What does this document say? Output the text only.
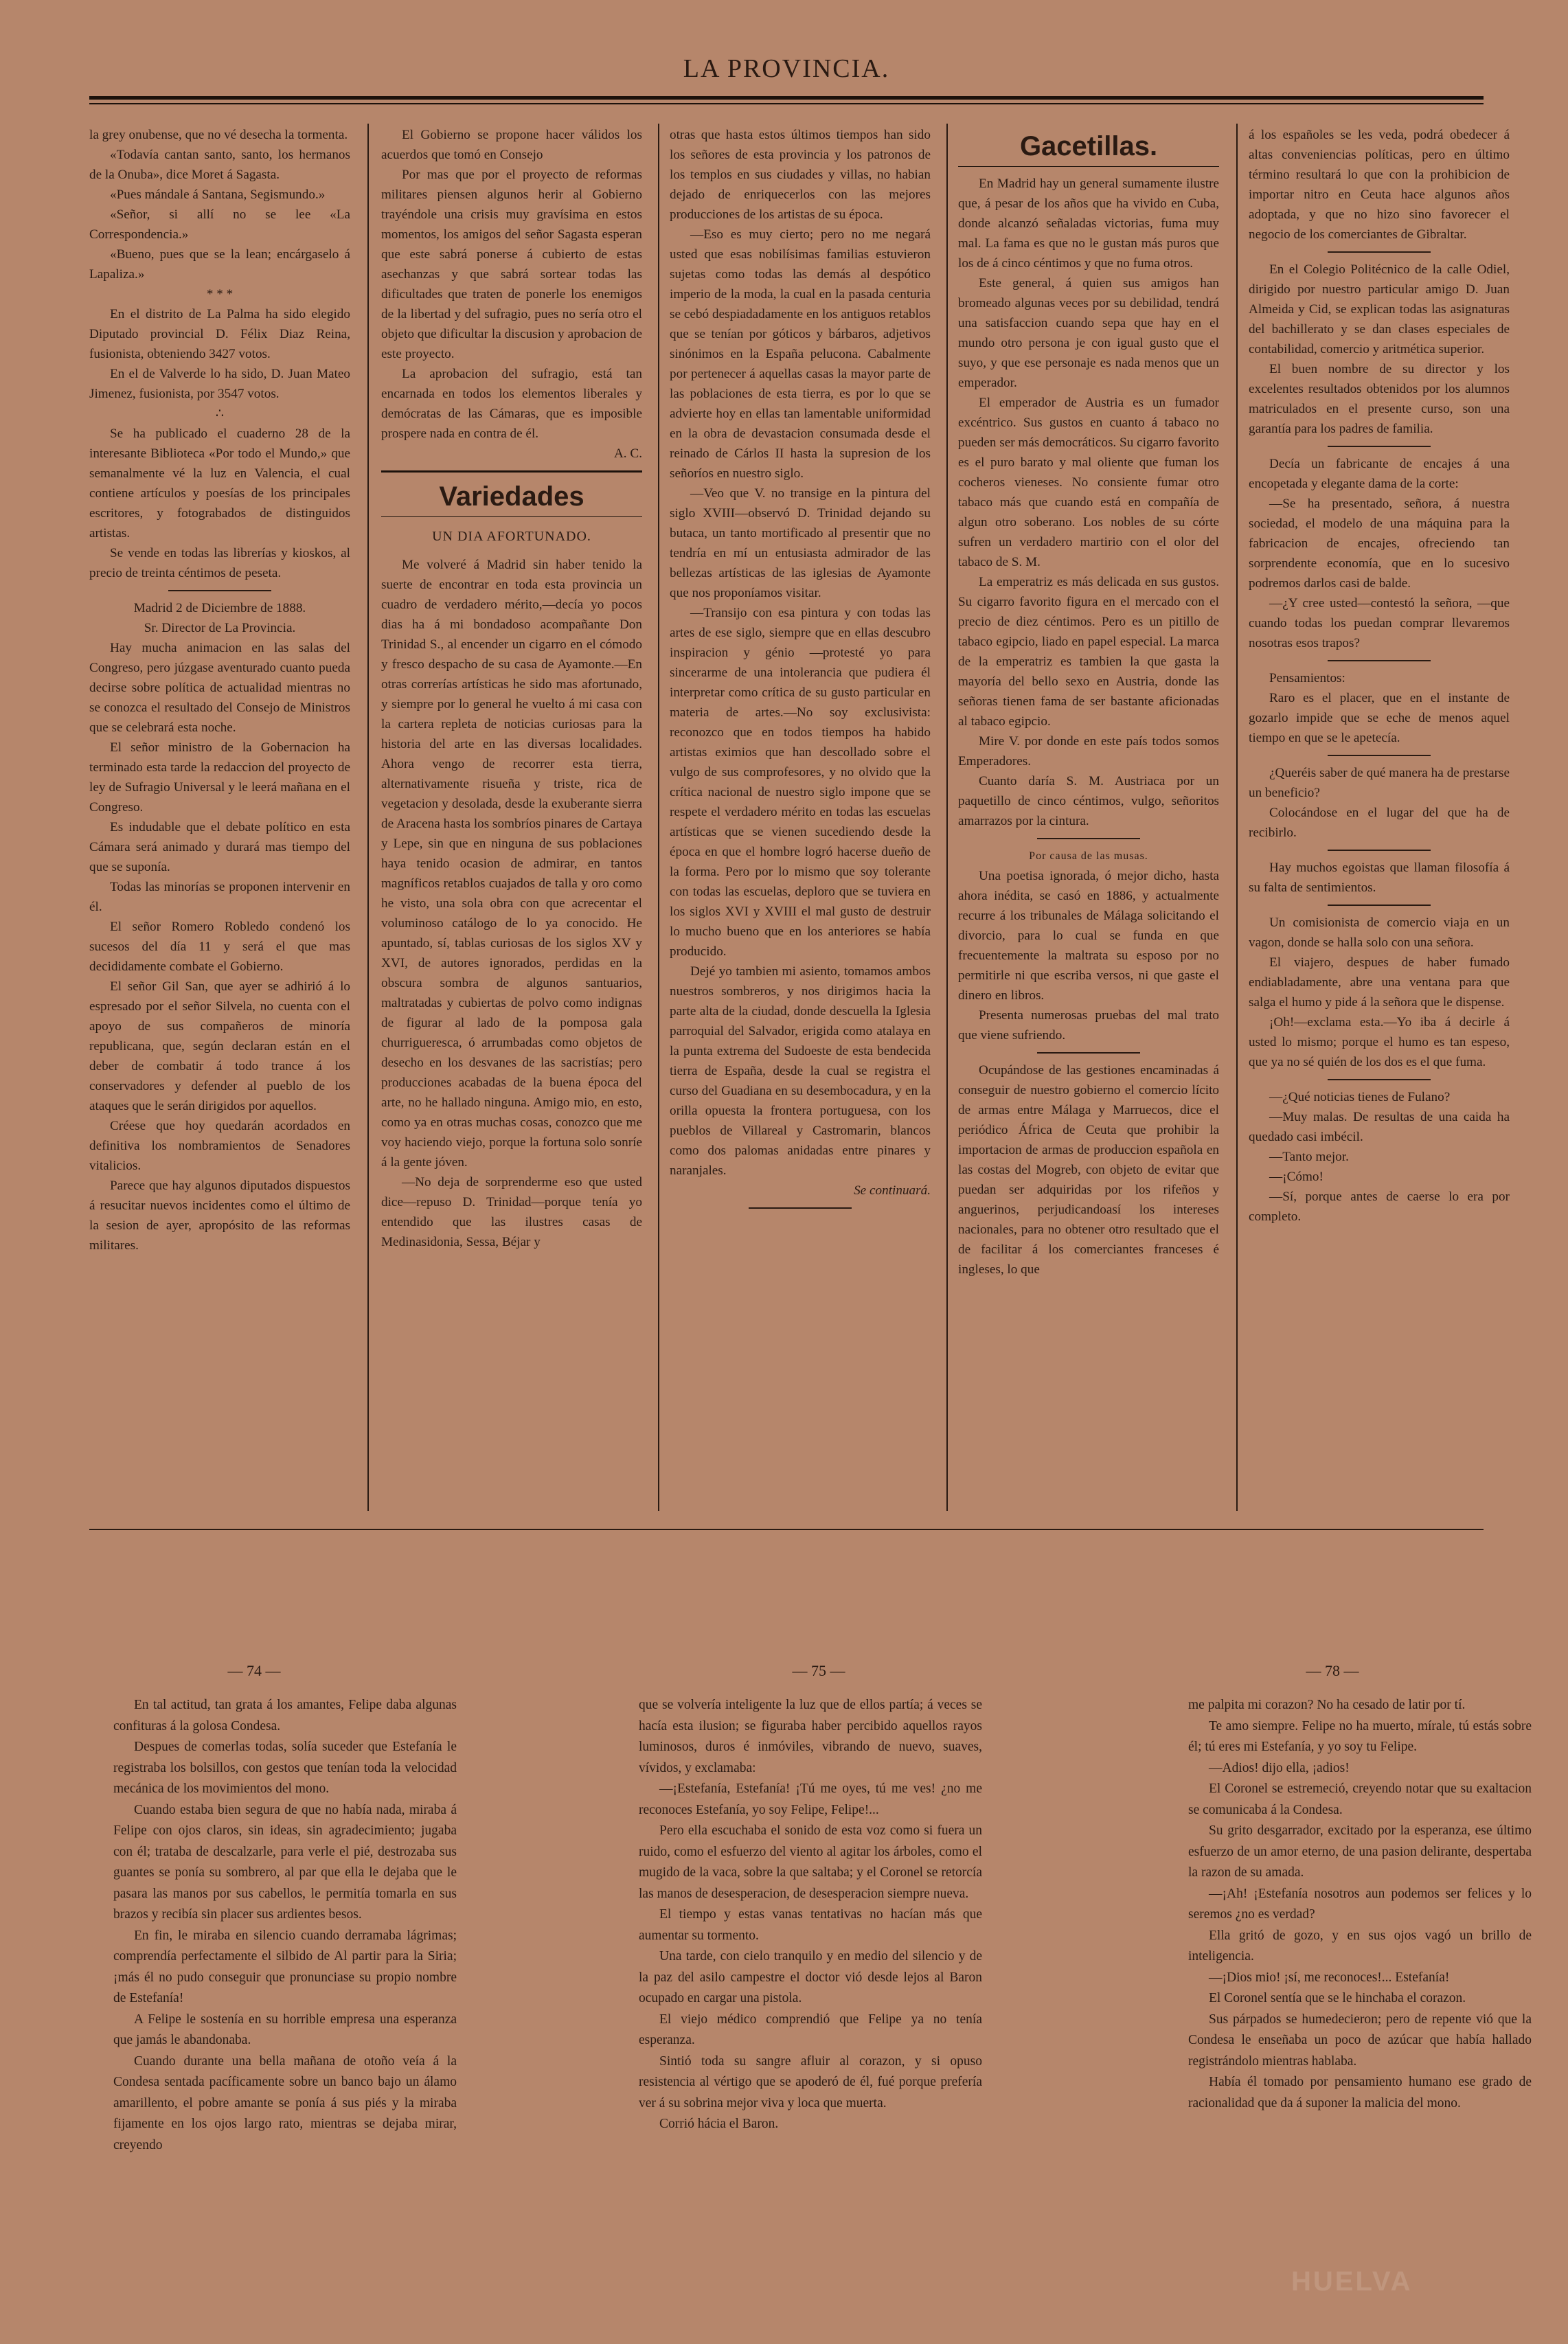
LA PROVINCIA.

la grey onubense, que no vé desecha la tormenta.

«Todavía cantan santo, santo, los hermanos de la Onuba», dice Moret á Sagasta.

«Pues mándale á Santana, Segismundo.»

«Señor, si allí no se lee «La Correspondencia.»

«Bueno, pues que se la lean; encárgaselo á Lapaliza.»

* * *

En el distrito de La Palma ha sido elegido Diputado provincial D. Félix Diaz Reina, fusionista, obteniendo 3427 votos.

En el de Valverde lo ha sido, D. Juan Mateo Jimenez, fusionista, por 3547 votos.

∴

Se ha publicado el cuaderno 28 de la interesante Biblioteca «Por todo el Mundo,» que semanalmente vé la luz en Valencia, el cual contiene artículos y poesías de los principales escritores, y fotograbados de distinguidos artistas.

Se vende en todas las librerías y kioskos, al precio de treinta céntimos de peseta.

Madrid 2 de Diciembre de 1888.

Sr. Director de La Provincia.

Hay mucha animacion en las salas del Congreso, pero júzgase aventurado cuanto pueda decirse sobre política de actualidad mientras no se conozca el resultado del Consejo de Ministros que se celebrará esta noche.

El señor ministro de la Gobernacion ha terminado esta tarde la redaccion del proyecto de ley de Sufragio Universal y le leerá mañana en el Congreso.

Es indudable que el debate político en esta Cámara será animado y durará mas tiempo del que se suponía.

Todas las minorías se proponen intervenir en él.

El señor Romero Robledo condenó los sucesos del día 11 y será el que mas decididamente combate el Gobierno.

El señor Gil San, que ayer se adhirió á lo espresado por el señor Silvela, no cuenta con el apoyo de sus compañeros de minoría republicana, que, según declaran están en el deber de combatir á todo trance á los conservadores y defender al pueblo de los ataques que le serán dirigidos por aquellos.

Créese que hoy quedarán acordados en definitiva los nombramientos de Senadores vitalicios.

Parece que hay algunos diputados dispuestos á resucitar nuevos incidentes como el último de la sesion de ayer, apropósito de las reformas militares.

El Gobierno se propone hacer válidos los acuerdos que tomó en Consejo

Por mas que por el proyecto de reformas militares piensen algunos herir al Gobierno trayéndole una crisis muy gravísima en estos momentos, los amigos del señor Sagasta esperan que este sabrá ponerse á cubierto de estas asechanzas y que sabrá sortear todas las dificultades que traten de ponerle los enemigos de la libertad y del sufragio, pues no sería otro el objeto que dificultar la discusion y aprobacion de este proyecto.

La aprobacion del sufragio, está tan encarnada en todos los elementos liberales y demócratas de las Cámaras, que es imposible prospere nada en contra de él.

A. C.

Variedades
UN DIA AFORTUNADO.

Me volveré á Madrid sin haber tenido la suerte de encontrar en toda esta provincia un cuadro de verdadero mérito,—decía yo pocos dias ha á mi bondadoso acompañante Don Trinidad S., al encender un cigarro en el cómodo y fresco despacho de su casa de Ayamonte.—En otras correrías artísticas he sido mas afortunado, y siempre por lo general he vuelto á mi casa con la cartera repleta de noticias curiosas para la historia del arte en las diversas localidades. Ahora vengo de recorrer esta tierra, alternativamente risueña y triste, rica de vegetacion y desolada, desde la exuberante sierra de Aracena hasta los sombríos pinares de Cartaya y Lepe, sin que en ninguna de sus poblaciones haya tenido ocasion de admirar, en tantos magníficos retablos cuajados de talla y oro como he visto, una sola obra con que acrecentar el voluminoso catálogo de lo ya conocido. He apuntado, sí, tablas curiosas de los siglos XV y XVI, de autores ignorados, perdidas en la obscura sombra de algunos santuarios, maltratadas y cubiertas de polvo como indignas de figurar al lado de la pomposa gala churrigueresca, ó arrumbadas como objetos de desecho en los desvanes de las sacristías; pero producciones acabadas de la buena época del arte, no he hallado ninguna. Amigo mio, en esto, como ya en otras muchas cosas, conozco que me voy haciendo viejo, porque la fortuna solo sonríe á la gente jóven.

—No deja de sorprenderme eso que usted dice—repuso D. Trinidad—porque tenía yo entendido que las ilustres casas de Medinasidonia, Sessa, Béjar y

otras que hasta estos últimos tiempos han sido los señores de esta provincia y los patronos de los templos en sus ciudades y villas, no habian dejado de enriquecerlos con las mejores producciones de los artistas de su época.

—Eso es muy cierto; pero no me negará usted que esas nobilísimas familias estuvieron sujetas como todas las demás al despótico imperio de la moda, la cual en la pasada centuria se cebó despiadadamente en los antiguos retablos que se tenían por góticos y bárbaros, adjetivos sinónimos en la España pelucona. Cabalmente por pertenecer á aquellas casas la mayor parte de las poblaciones de esta tierra, es por lo que se advierte hoy en ellas tan lamentable uniformidad en la obra de devastacion consumada desde el reinado de Cárlos II hasta la supresion de los señoríos en nuestro siglo.

—Veo que V. no transige en la pintura del siglo XVIII—observó D. Trinidad dejando su butaca, un tanto mortificado al presentir que no tendría en mí un entusiasta admirador de las bellezas artísticas de las iglesias de Ayamonte que nos proponíamos visitar.

—Transijo con esa pintura y con todas las artes de ese siglo, siempre que en ellas descubro inspiracion y génio —protesté yo para sincerarme de una intolerancia que pudiera él interpretar como crítica de su gusto particular en materia de artes.—No soy exclusivista: reconozco que en todos tiempos ha habido artistas eximios que han descollado sobre el vulgo de sus comprofesores, y no olvido que la crítica nacional de nuestro siglo impone que se respete el verdadero mérito en todas las escuelas artísticas que se vienen sucediendo desde la época en que el hombre logró hacerse dueño de la forma. Pero por lo mismo que soy tolerante con todas las escuelas, deploro que se tuviera en los siglos XVI y XVIII el mal gusto de destruir lo mucho bueno que en los anteriores se había producido.

Dejé yo tambien mi asiento, tomamos ambos nuestros sombreros, y nos dirigimos hacia la parte alta de la ciudad, donde descuella la Iglesia parroquial del Salvador, erigida como atalaya en la punta extrema del Sudoeste de esta bendecida tierra de España, desde la cual se registra el curso del Guadiana en su desembocadura, y en la orilla opuesta la frontera portuguesa, con los pueblos de Villareal y Castromarin, blancos como dos palomas anidadas entre pinares y naranjales.

Se continuará.

Gacetillas.

En Madrid hay un general sumamente ilustre que, á pesar de los años que ha vivido en Cuba, donde alcanzó señaladas victorias, fuma muy mal. La fama es que no le gustan más puros que los de á cinco céntimos y que no fuma otros.

Este general, á quien sus amigos han bromeado algunas veces por su debilidad, tendrá una satisfaccion cuando sepa que hay en el mundo otro persona je con igual gusto que el suyo, y que ese personaje es nada menos que un emperador.

El emperador de Austria es un fumador excéntrico. Sus gustos en cuanto á tabaco no pueden ser más democráticos. Su cigarro favorito es el puro barato y mal oliente que fuman los cocheros vieneses. No consiente fumar otro tabaco más que cuando está en compañía de algun otro soberano. Los nobles de su córte sufren un verdadero martirio con el olor del tabaco de S. M.

La emperatriz es más delicada en sus gustos. Su cigarro favorito figura en el mercado con el precio de diez céntimos. Pero es un pitillo de tabaco egipcio, liado en papel especial. La marca de la emperatriz es tambien la que gasta la mayoría del bello sexo en Austria, donde las señoras tienen fama de ser bastante aficionadas al tabaco egipcio.

Mire V. por donde en este país todos somos Emperadores.

Cuanto daría S. M. Austriaca por un paquetillo de cinco céntimos, vulgo, señoritos amarrazos por la cintura.

Por causa de las musas.

Una poetisa ignorada, ó mejor dicho, hasta ahora inédita, se casó en 1886, y actualmente recurre á los tribunales de Málaga solicitando el divorcio, para lo cual se funda en que frecuentemente la maltrata su esposo por no permitirle ni que escriba versos, ni que gaste el dinero en libros.

Presenta numerosas pruebas del mal trato que viene sufriendo.

Ocupándose de las gestiones encaminadas á conseguir de nuestro gobierno el comercio lícito de armas entre Málaga y Marruecos, dice el periódico África de Ceuta que prohibir la importacion de armas de produccion española en las costas del Mogreb, con objeto de evitar que puedan ser adquiridas por los rifeños y anguerinos, perjudicandoasí los intereses nacionales, para no obtener otro resultado que el de facilitar á los comerciantes franceses é ingleses, lo que

á los españoles se les veda, podrá obedecer á altas conveniencias políticas, pero en último término resultará lo que con la prohibicion de importar nitro en Ceuta hace algunos años adoptada, y que no hizo sino favorecer el negocio de los comerciantes de Gibraltar.

En el Colegio Politécnico de la calle Odiel, dirigido por nuestro particular amigo D. Juan Almeida y Cid, se explican todas las asignaturas del bachillerato y se dan clases especiales de contabilidad, comercio y aritmética superior.

El buen nombre de su director y los excelentes resultados obtenidos por los alumnos matriculados en el presente curso, son una garantía para los padres de familia.

Decía un fabricante de encajes á una encopetada y elegante dama de la corte:

—Se ha presentado, señora, á nuestra sociedad, el modelo de una máquina para la fabricacion de encajes, ofreciendo tan sorprendente economía, que en lo sucesivo podremos darlos casi de balde.

—¿Y cree usted—contestó la señora, —que cuando todas los puedan comprar llevaremos nosotras esos trapos?

Pensamientos:

Raro es el placer, que en el instante de gozarlo impide que se eche de menos aquel tiempo en que se le apetecía.

¿Queréis saber de qué manera ha de prestarse un beneficio?

Colocándose en el lugar del que ha de recibirlo.

Hay muchos egoistas que llaman filosofía á su falta de sentimientos.

Un comisionista de comercio viaja en un vagon, donde se halla solo con una señora.

El viajero, despues de haber fumado endiabladamente, abre una ventana para que salga el humo y pide á la señora que le dispense.

¡Oh!—exclama esta.—Yo iba á decirle á usted lo mismo; porque el humo es tan espeso, que ya no sé quién de los dos es el que fuma.

—¿Qué noticias tienes de Fulano?

—Muy malas. De resultas de una caida ha quedado casi imbécil.

—Tanto mejor.

—¡Cómo!

—Sí, porque antes de caerse lo era por completo.

— 74 —	— 75 —	— 78 —

En tal actitud, tan grata á los amantes, Felipe daba algunas confituras á la golosa Condesa.

Despues de comerlas todas, solía suceder que Estefanía le registraba los bolsillos, con gestos que tenían toda la velocidad mecánica de los movimientos del mono.

Cuando estaba bien segura de que no había nada, miraba á Felipe con ojos claros, sin ideas, sin agradecimiento; jugaba con él; trataba de descalzarle, para verle el pié, destrozaba sus guantes se ponía su sombrero, al par que ella le dejaba que le pasara las manos por sus cabellos, le permitía tomarla en sus brazos y recibía sin placer sus ardientes besos.

En fin, le miraba en silencio cuando derramaba lágrimas; comprendía perfectamente el silbido de Al partir para la Siria; ¡más él no pudo conseguir que pronunciase su propio nombre de Estefanía!

A Felipe le sostenía en su horrible empresa una esperanza que jamás le abandonaba.

Cuando durante una bella mañana de otoño veía á la Condesa sentada pacíficamente sobre un banco bajo un álamo amarillento, el pobre amante se ponía á sus piés y la miraba fijamente en los ojos largo rato, mientras se dejaba mirar, creyendo

que se volvería inteligente la luz que de ellos partía; á veces se hacía esta ilusion; se figuraba haber percibido aquellos rayos luminosos, duros é inmóviles, vibrando de nuevo, suaves, vívidos, y exclamaba:

—¡Estefanía, Estefanía! ¡Tú me oyes, tú me ves! ¿no me reconoces Estefanía, yo soy Felipe, Felipe!...

Pero ella escuchaba el sonido de esta voz como si fuera un ruido, como el esfuerzo del viento al agitar los árboles, como el mugido de la vaca, sobre la que saltaba; y el Coronel se retorcía las manos de desesperacion, de desesperacion siempre nueva.

El tiempo y estas vanas tentativas no hacían más que aumentar su tormento.

Una tarde, con cielo tranquilo y en medio del silencio y de la paz del asilo campestre el doctor vió desde lejos al Baron ocupado en cargar una pistola.

El viejo médico comprendió que Felipe ya no tenía esperanza.

Sintió toda su sangre afluir al corazon, y si opuso resistencia al vértigo que se apoderó de él, fué porque prefería ver á su sobrina mejor viva y loca que muerta.

Corrió hácia el Baron.

me palpita mi corazon? No ha cesado de latir por tí.

Te amo siempre. Felipe no ha muerto, mírale, tú estás sobre él; tú eres mi Estefanía, y yo soy tu Felipe.

—Adios! dijo ella, ¡adios!

El Coronel se estremeció, creyendo notar que su exaltacion se comunicaba á la Condesa.

Su grito desgarrador, excitado por la esperanza, ese último esfuerzo de un amor eterno, de una pasion delirante, despertaba la razon de su amada.

—¡Ah! ¡Estefanía nosotros aun podemos ser felices y lo seremos ¿no es verdad?

Ella gritó de gozo, y en sus ojos vagó un brillo de inteligencia.

—¡Dios mio! ¡sí, me reconoces!... Estefanía!

El Coronel sentía que se le hinchaba el corazon.

Sus párpados se humedecieron; pero de repente vió que la Condesa le enseñaba un poco de azúcar que había hallado registrándolo mientras hablaba.

Había él tomado por pensamiento humano ese grado de racionalidad que da á suponer la malicia del mono.

HUELVA
